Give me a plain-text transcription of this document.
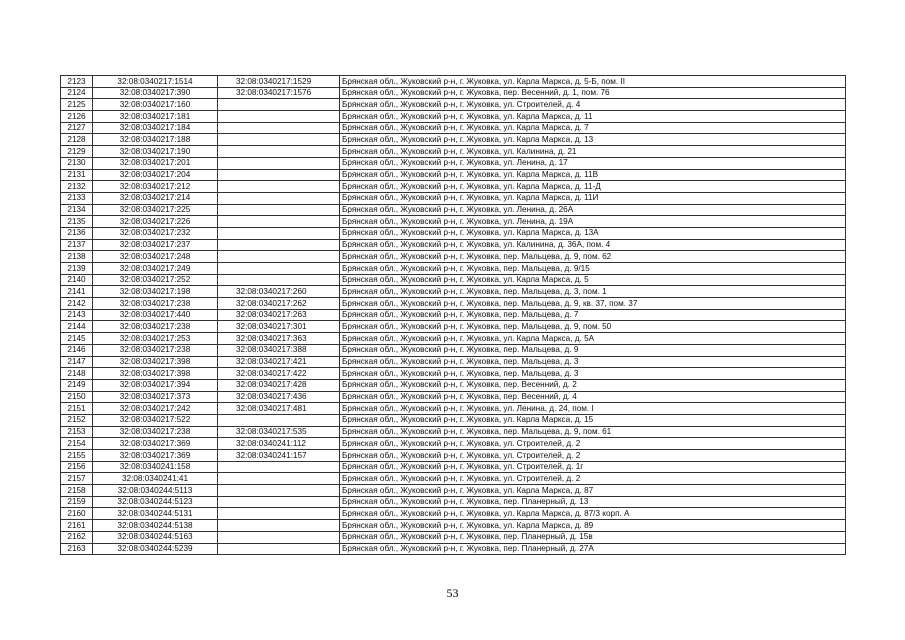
2123	32:08:0340217:1514	32:08:0340217:1529	Брянская обл., Жуковский р-н, г. Жуковка, ул. Карла Маркса, д. 5-Б, пом. II
2124	32:08:0340217:390	32:08:0340217:1576	Брянская обл., Жуковский р-н, г. Жуковка, пер. Весенний, д. 1, пом. 76
2125	32:08:0340217:160		Брянская обл., Жуковский р-н, г. Жуковка, ул. Строителей, д. 4
2126	32:08:0340217:181		Брянская обл., Жуковский р-н, г. Жуковка, ул. Карла Маркса, д. 11
2127	32:08:0340217:184		Брянская обл., Жуковский р-н, г. Жуковка, ул. Карла Маркса, д. 7
2128	32:08:0340217:188		Брянская обл., Жуковский р-н, г. Жуковка, ул. Карла Маркса, д. 13
2129	32:08:0340217:190		Брянская обл., Жуковский р-н, г. Жуковка, ул. Калинина, д. 21
2130	32:08:0340217:201		Брянская обл., Жуковский р-н, г. Жуковка, ул. Ленина, д. 17
2131	32:08:0340217:204		Брянская обл., Жуковский р-н, г. Жуковка, ул. Карла Маркса, д. 11В
2132	32:08:0340217:212		Брянская обл., Жуковский р-н, г. Жуковка, ул. Карла Маркса, д. 11-Д
2133	32:08:0340217:214		Брянская обл., Жуковский р-н, г. Жуковка, ул. Карла Маркса, д. 11И
2134	32:08:0340217:225		Брянская обл., Жуковский р-н, г. Жуковка, ул. Ленина, д. 26А
2135	32:08:0340217:226		Брянская обл., Жуковский р-н, г. Жуковка, ул. Ленина, д. 19А
2136	32:08:0340217:232		Брянская обл., Жуковский р-н, г. Жуковка, ул. Карла Маркса, д. 13А
2137	32:08:0340217:237		Брянская обл., Жуковский р-н, г. Жуковка, ул. Калинина, д. 36А, пом. 4
2138	32:08:0340217:248		Брянская обл., Жуковский р-н, г. Жуковка, пер. Мальцева, д. 9, пом. 62
2139	32:08:0340217:249		Брянская обл., Жуковский р-н, г. Жуковка, пер. Мальцева, д. 9/15
2140	32:08:0340217:252		Брянская обл., Жуковский р-н, г. Жуковка, ул. Карла Маркса, д. 5
2141	32:08:0340217:198	32:08:0340217:260	Брянская обл., Жуковский р-н, г. Жуковка, пер. Мальцева, д. 3, пом. 1
2142	32:08:0340217:238	32:08:0340217:262	Брянская обл., Жуковский р-н, г. Жуковка, пер. Мальцева, д. 9, кв. 37, пом. 37
2143	32:08:0340217:440	32:08:0340217:263	Брянская обл., Жуковский р-н, г. Жуковка, пер. Мальцева, д. 7
2144	32:08:0340217:238	32:08:0340217:301	Брянская обл., Жуковский р-н, г. Жуковка, пер. Мальцева, д. 9, пом. 50
2145	32:08:0340217:253	32:08:0340217:363	Брянская обл., Жуковский р-н, г. Жуковка, ул. Карла Маркса, д. 5А
2146	32:08:0340217:238	32:08:0340217:388	Брянская обл., Жуковский р-н, г. Жуковка, пер. Мальцева, д. 9
2147	32:08:0340217:398	32:08:0340217:421	Брянская обл., Жуковский р-н, г. Жуковка, пер. Мальцева, д. 3
2148	32:08:0340217:398	32:08:0340217:422	Брянская обл., Жуковский р-н, г. Жуковка, пер. Мальцева, д. 3
2149	32:08:0340217:394	32:08:0340217:428	Брянская обл., Жуковский р-н, г. Жуковка, пер. Весенний, д. 2
2150	32:08:0340217:373	32:08:0340217:436	Брянская обл., Жуковский р-н, г. Жуковка, пер. Весенний, д. 4
2151	32:08:0340217:242	32:08:0340217:481	Брянская обл., Жуковский р-н, г. Жуковка, ул. Ленина, д. 24, пом. I
2152	32:08:0340217:522		Брянская обл., Жуковский р-н, г. Жуковка, ул. Карла Маркса, д. 15
2153	32:08:0340217:238	32:08:0340217:535	Брянская обл., Жуковский р-н, г. Жуковка, пер. Мальцева, д. 9, пом. 61
2154	32:08:0340217:369	32:08:0340241:112	Брянская обл., Жуковский р-н, г. Жуковка, ул. Строителей, д. 2
2155	32:08:0340217:369	32:08:0340241:157	Брянская обл., Жуковский р-н, г. Жуковка, ул. Строителей, д. 2
2156	32:08:0340241:158		Брянская обл., Жуковский р-н, г. Жуковка, ул. Строителей, д. 1г
2157	32:08:0340241:41		Брянская обл., Жуковский р-н, г. Жуковка, ул. Строителей, д. 2
2158	32:08:0340244:5113		Брянская обл., Жуковский р-н, г. Жуковка, ул. Карла Маркса, д. 87
2159	32:08:0340244:5123		Брянская обл., Жуковский р-н, г. Жуковка, пер. Планерный, д. 13
2160	32:08:0340244:5131		Брянская обл., Жуковский р-н, г. Жуковка, ул. Карла Маркса, д. 87/3 корп. А
2161	32:08:0340244:5138		Брянская обл., Жуковский р-н, г. Жуковка, ул. Карла Маркса, д. 89
2162	32:08:0340244:5163		Брянская обл., Жуковский р-н, г. Жуковка, пер. Планерный, д. 15в
2163	32:08:0340244:5239		Брянская обл., Жуковский р-н, г. Жуковка, пер. Планерный, д. 27А
53
